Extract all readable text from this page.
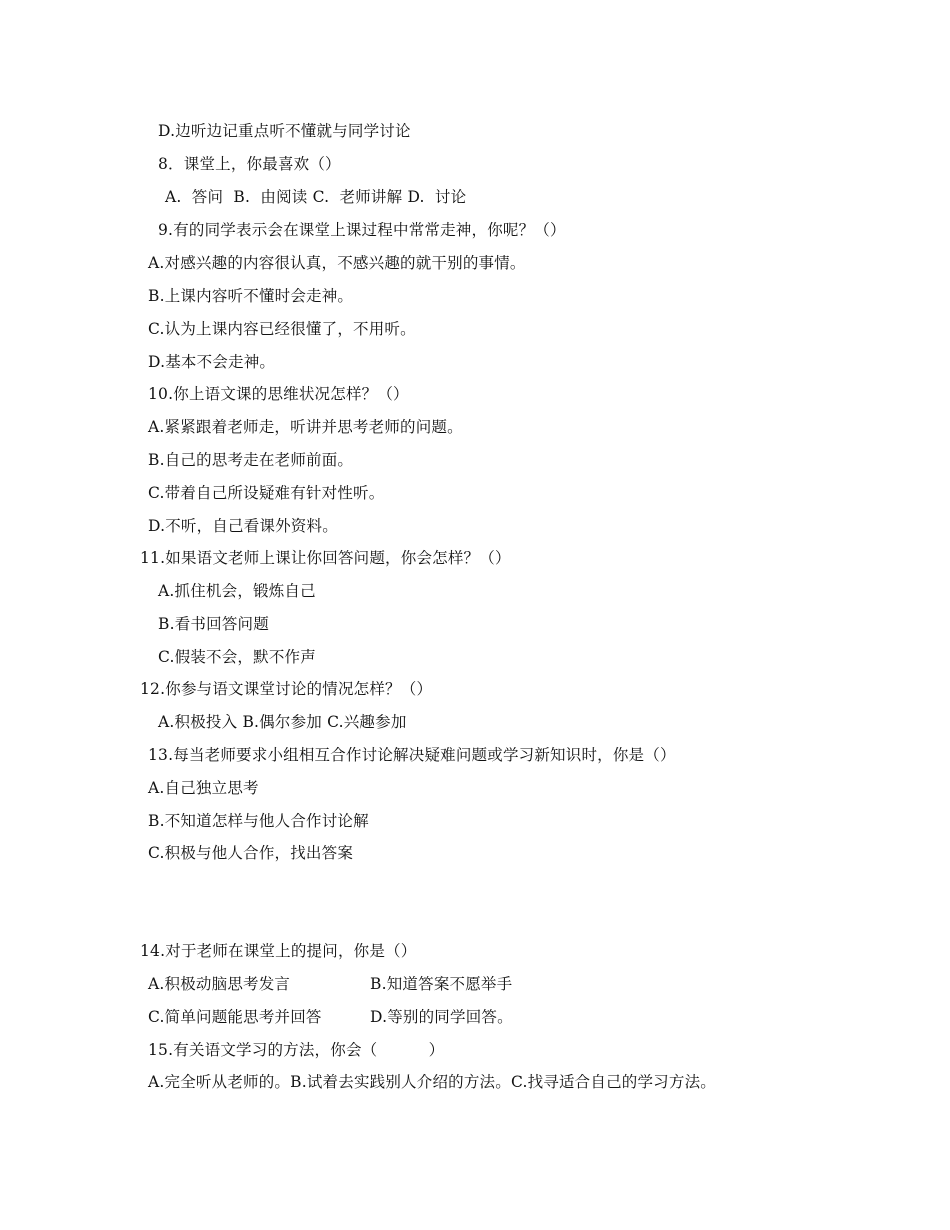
D.边听边记重点听不懂就与同学讨论
8．课堂上，你最喜欢（）
A.  答问  B.  由阅读 C.  老师讲解 D.  讨论
9.有的同学表示会在课堂上课过程中常常走神，你呢？（）
A.对感兴趣的内容很认真，不感兴趣的就干别的事情。
B.上课内容听不懂时会走神。
C.认为上课内容已经很懂了，不用听。
D.基本不会走神。
10.你上语文课的思维状况怎样？（）
A.紧紧跟着老师走，听讲并思考老师的问题。
B.自己的思考走在老师前面。
C.带着自己所设疑难有针对性听。
D.不听，自己看课外资料。
11.如果语文老师上课让你回答问题，你会怎样？（）
A.抓住机会，锻炼自己
B.看书回答问题
C.假装不会，默不作声
12.你参与语文课堂讨论的情况怎样？（）
A.积极投入 B.偶尔参加 C.兴趣参加
13.每当老师要求小组相互合作讨论解决疑难问题或学习新知识时，你是（）
A.自己独立思考
B.不知道怎样与他人合作讨论解
C.积极与他人合作，找出答案
14.对于老师在课堂上的提问，你是（）
A.积极动脑思考发言	B.知道答案不愿举手
C.简单问题能思考并回答	D.等别的同学回答。
15.有关语文学习的方法，你会（          ）
A.完全听从老师的。B.试着去实践别人介绍的方法。C.找寻适合自己的学习方法。
